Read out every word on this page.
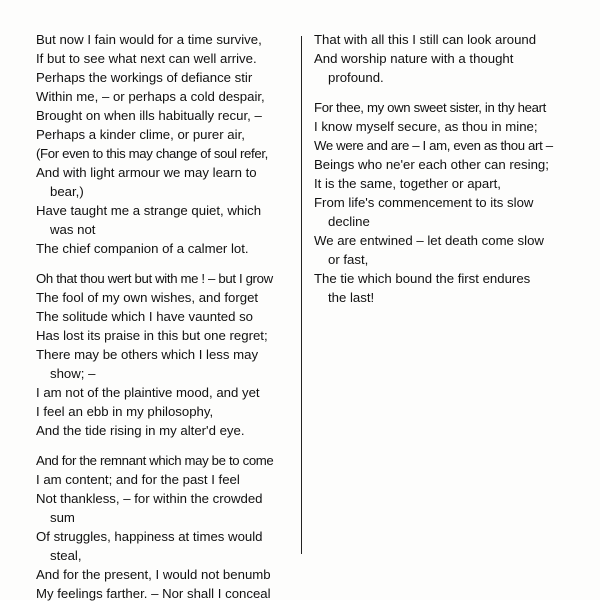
But now I fain would for a time survive,
If but to see what next can well arrive.
Perhaps the workings of defiance stir
Within me, – or perhaps a cold despair,
Brought on when ills habitually recur, –
Perhaps a kinder clime, or purer air,
(For even to this may change of soul refer,
And with light armour we may learn to
bear,)
Have taught me a strange quiet, which
was not
The chief companion of a calmer lot.
Oh that thou wert but with me ! – but I grow
The fool of my own wishes, and forget
The solitude which I have vaunted so
Has lost its praise in this but one regret;
There may be others which I less may
show; –
I am not of the plaintive mood, and yet
I feel an ebb in my philosophy,
And the tide rising in my alter'd eye.
And for the remnant which may be to come
I am content; and for the past I feel
Not thankless, – for within the crowded
sum
Of struggles, happiness at times would
steal,
And for the present, I would not benumb
My feelings farther. – Nor shall I conceal
That with all this I still can look around
And worship nature with a thought
profound.
For thee, my own sweet sister, in thy heart
I know myself secure, as thou in mine;
We were and are – I am, even as thou art –
Beings who ne'er each other can resing;
It is the same, together or apart,
From life's commencement to its slow
decline
We are entwined – let death come slow
or fast,
The tie which bound the first endures
the last!
